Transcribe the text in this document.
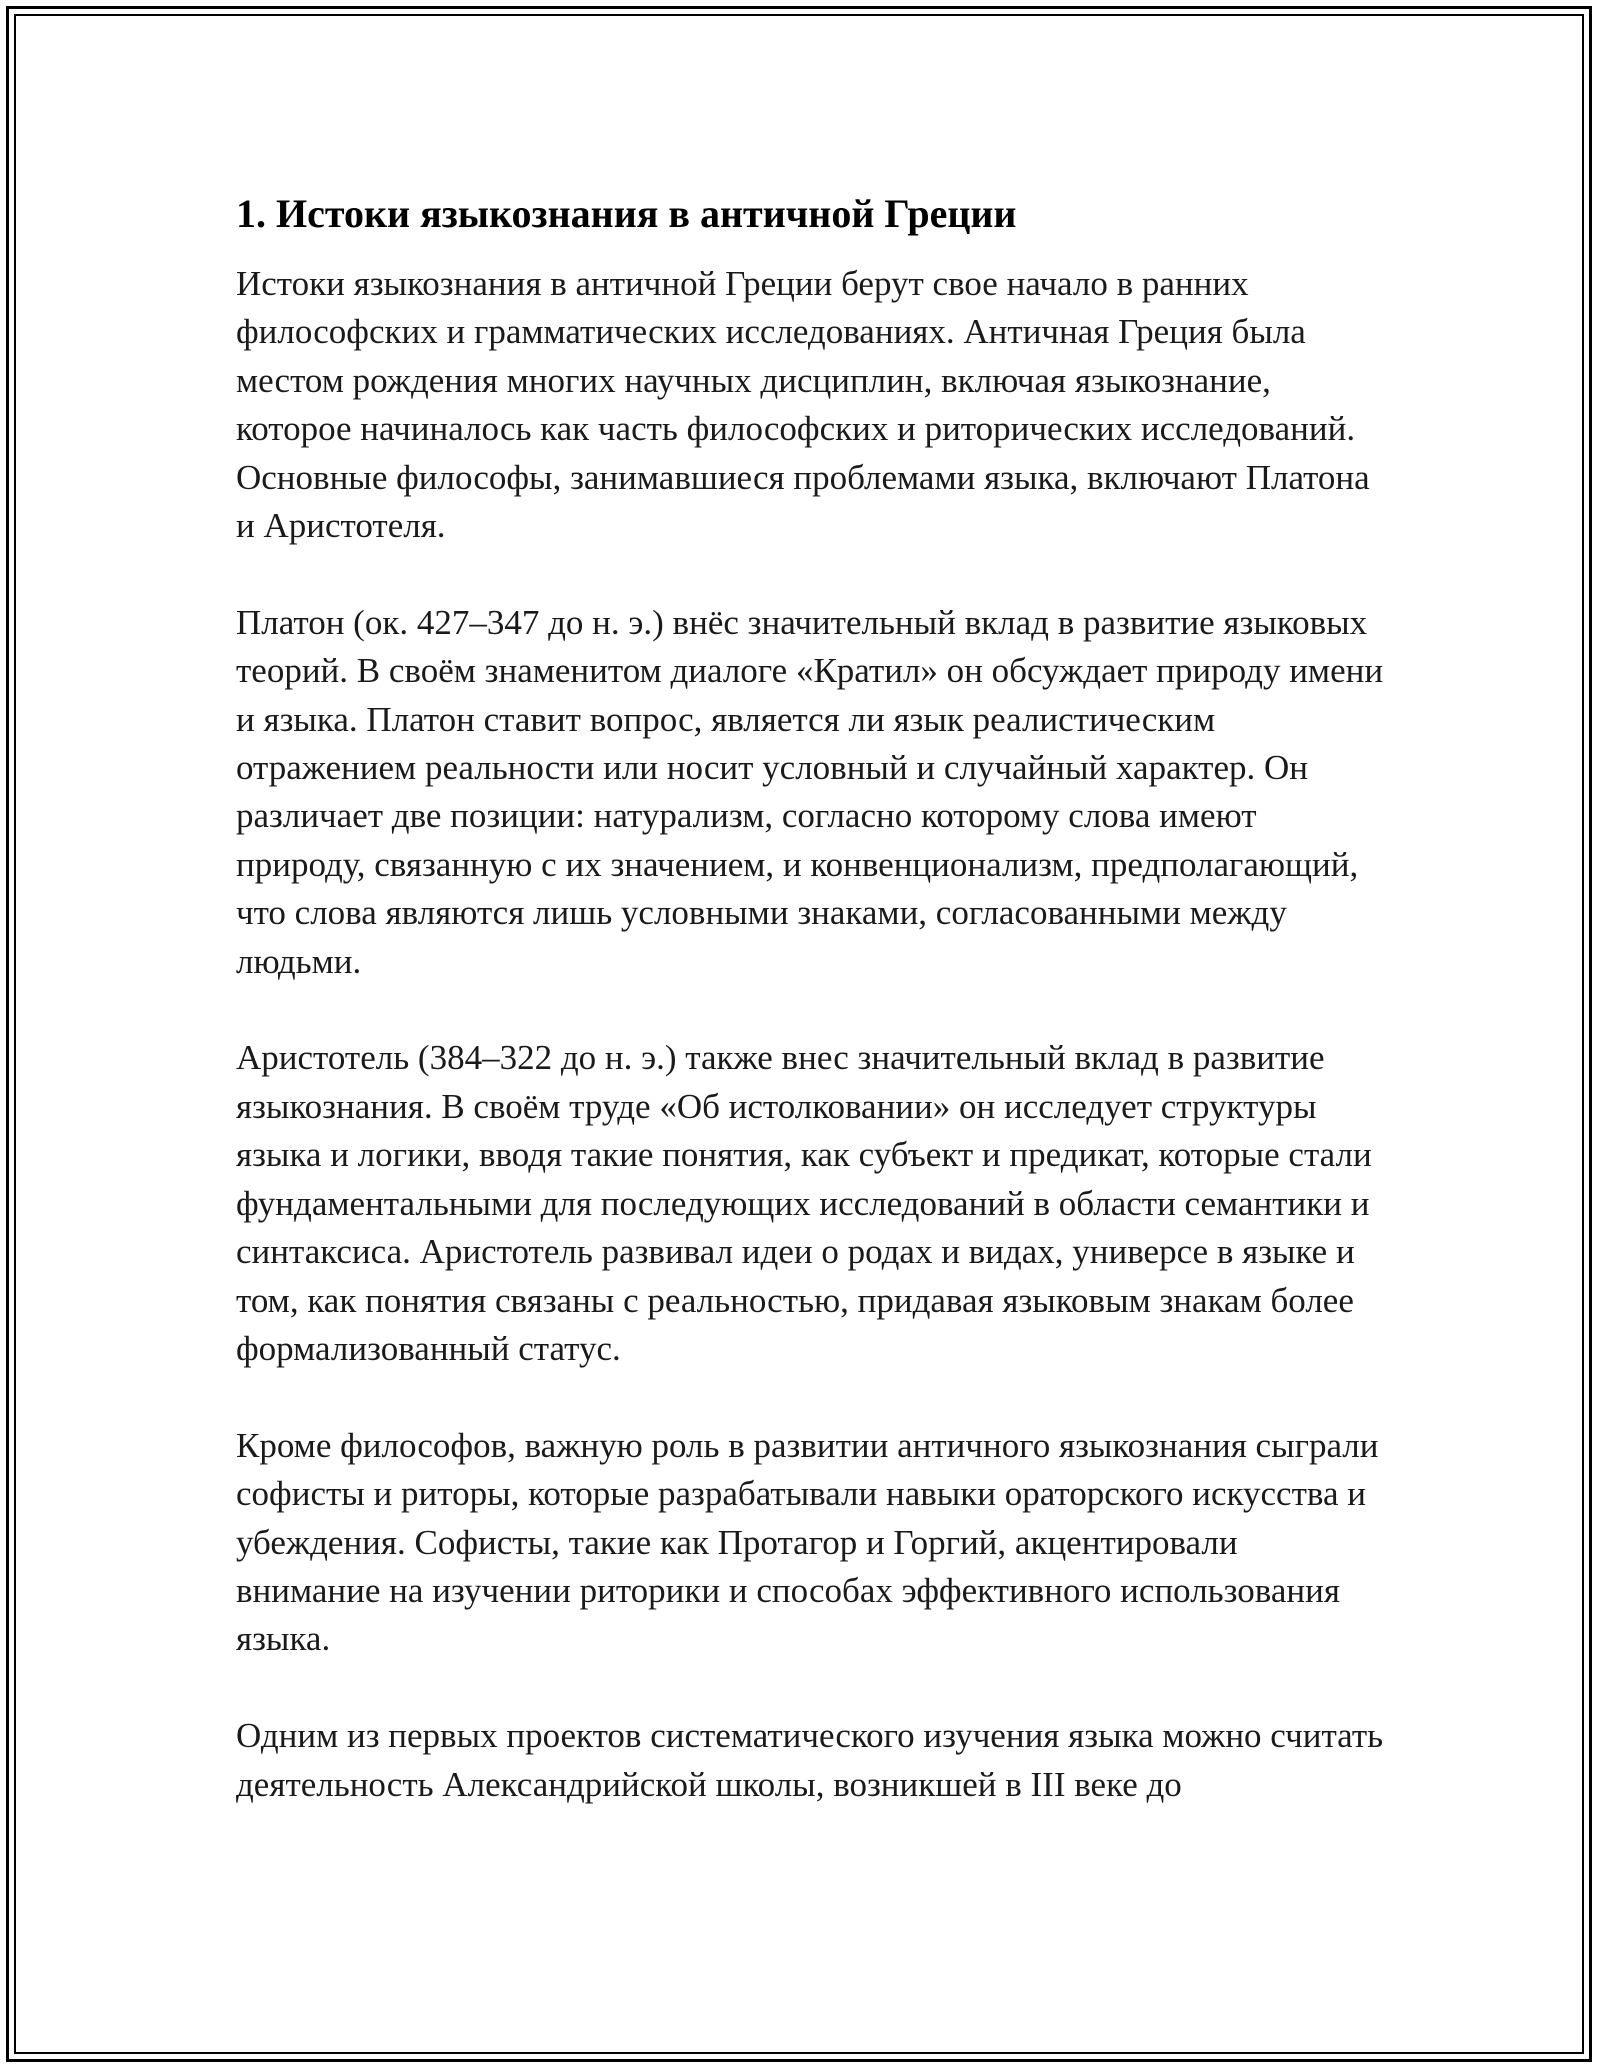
1. Истоки языкознания в античной Греции

Истоки языкознания в античной Греции берут свое начало в ранних философских и грамматических исследованиях. Античная Греция была местом рождения многих научных дисциплин, включая языкознание, которое начиналось как часть философских и риторических исследований. Основные философы, занимавшиеся проблемами языка, включают Платона и Аристотеля.

Платон (ок. 427–347 до н. э.) внёс значительный вклад в развитие языковых теорий. В своём знаменитом диалоге «Кратил» он обсуждает природу имени и языка. Платон ставит вопрос, является ли язык реалистическим отражением реальности или носит условный и случайный характер. Он различает две позиции: натурализм, согласно которому слова имеют природу, связанную с их значением, и конвенционализм, предполагающий, что слова являются лишь условными знаками, согласованными между людьми.

Аристотель (384–322 до н. э.) также внес значительный вклад в развитие языкознания. В своём труде «Об истолковании» он исследует структуры языка и логики, вводя такие понятия, как субъект и предикат, которые стали фундаментальными для последующих исследований в области семантики и синтаксиса. Аристотель развивал идеи о родах и видах, универсе в языке и том, как понятия связаны с реальностью, придавая языковым знакам более формализованный статус.

Кроме философов, важную роль в развитии античного языкознания сыграли софисты и риторы, которые разрабатывали навыки ораторского искусства и убеждения. Софисты, такие как Протагор и Горгий, акцентировали внимание на изучении риторики и способах эффективного использования языка.

Одним из первых проектов систематического изучения языка можно считать деятельность Александрийской школы, возникшей в III веке до
